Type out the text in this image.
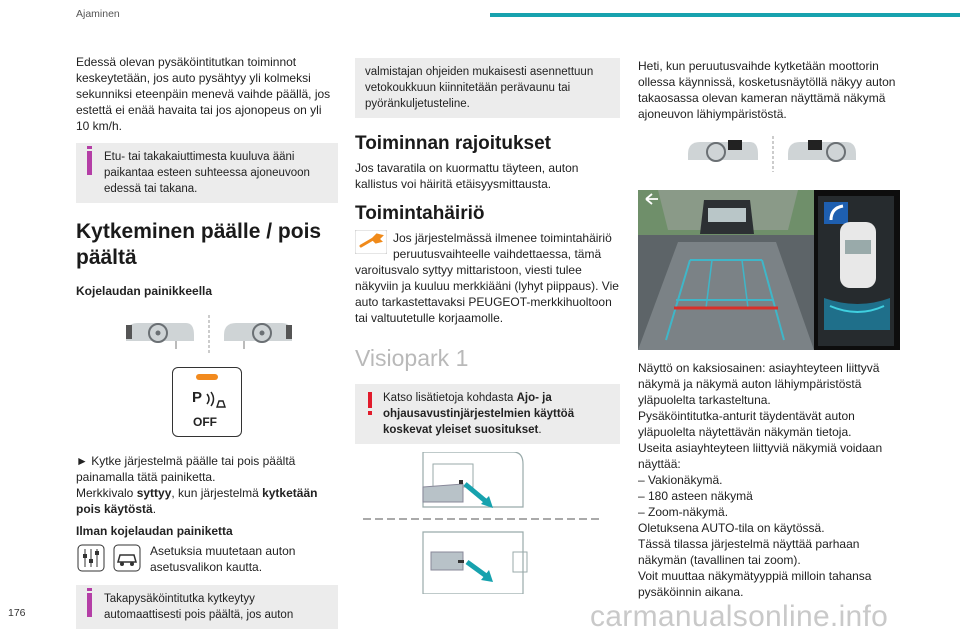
Ajaminen
176	carmanualsonline.info

Edessä olevan pysäköintitutkan toiminnot keskeytetään, jos auto pysähtyy yli kolmeksi sekunniksi eteenpäin menevä vaihde päällä, jos estettä ei enää havaita tai jos ajonopeus on yli 10 km/h.

Etu- tai takakaiuttimesta kuuluva ääni paikantaa esteen suhteessa ajoneuvoon edessä tai takana.
Kytkeminen päälle / pois päältä
Kojelaudan painikkeella
P
OFF

► Kytke järjestelmä päälle tai pois päältä painamalla tätä painiketta.

Merkkivalo syttyy, kun järjestelmä kytketään pois käytöstä.

Ilman kojelaudan painiketta

Asetuksia muutetaan auton asetusvalikon kautta.

Takapysäköintitutka kytkeytyy automaattisesti pois päältä, jos auton
valmistajan ohjeiden mukaisesti asennettuun vetokoukkuun kiinnitetään perävaunu tai pyöränkuljetusteline.
Toiminnan rajoitukset

Jos tavaratila on kuormattu täyteen, auton kallistus voi häiritä etäisyysmittausta.

Toimintahäiriö

Jos järjestelmässä ilmenee toimintahäiriö peruutusvaihteelle vaihdettaessa, tämä varoitusvalo syttyy mittaristoon, viesti tulee näkyviin ja kuuluu merkkiääni (lyhyt piippaus). Vie auto tarkastettavaksi PEUGEOT-merkkihuoltoon tai valtuutetulle korjaamolle.

Visiopark 1
Katso lisätietoja kohdasta Ajo- ja ohjausavustinjärjestelmien käyttöä koskevat yleiset suositukset.

Heti, kun peruutusvaihde kytketään moottorin ollessa käynnissä, kosketusnäytöllä näkyy auton takaosassa olevan kameran näyttämä näkymä ajoneuvon lähiympäristöstä.

Näyttö on kaksiosainen: asiayhteyteen liittyvä näkymä ja näkymä auton lähiympäristöstä yläpuolelta tarkasteltuna.

Pysäköintitutka-anturit täydentävät auton yläpuolelta näytettävän näkymän tietoja.

Useita asiayhteyteen liittyviä näkymiä voidaan näyttää:

– Vakionäkymä.

– 180 asteen näkymä

– Zoom-näkymä.

Oletuksena AUTO-tila on käytössä.

Tässä tilassa järjestelmä näyttää parhaan näkymän (tavallinen tai zoom).

Voit muuttaa näkymätyyppiä milloin tahansa pysäköinnin aikana.
